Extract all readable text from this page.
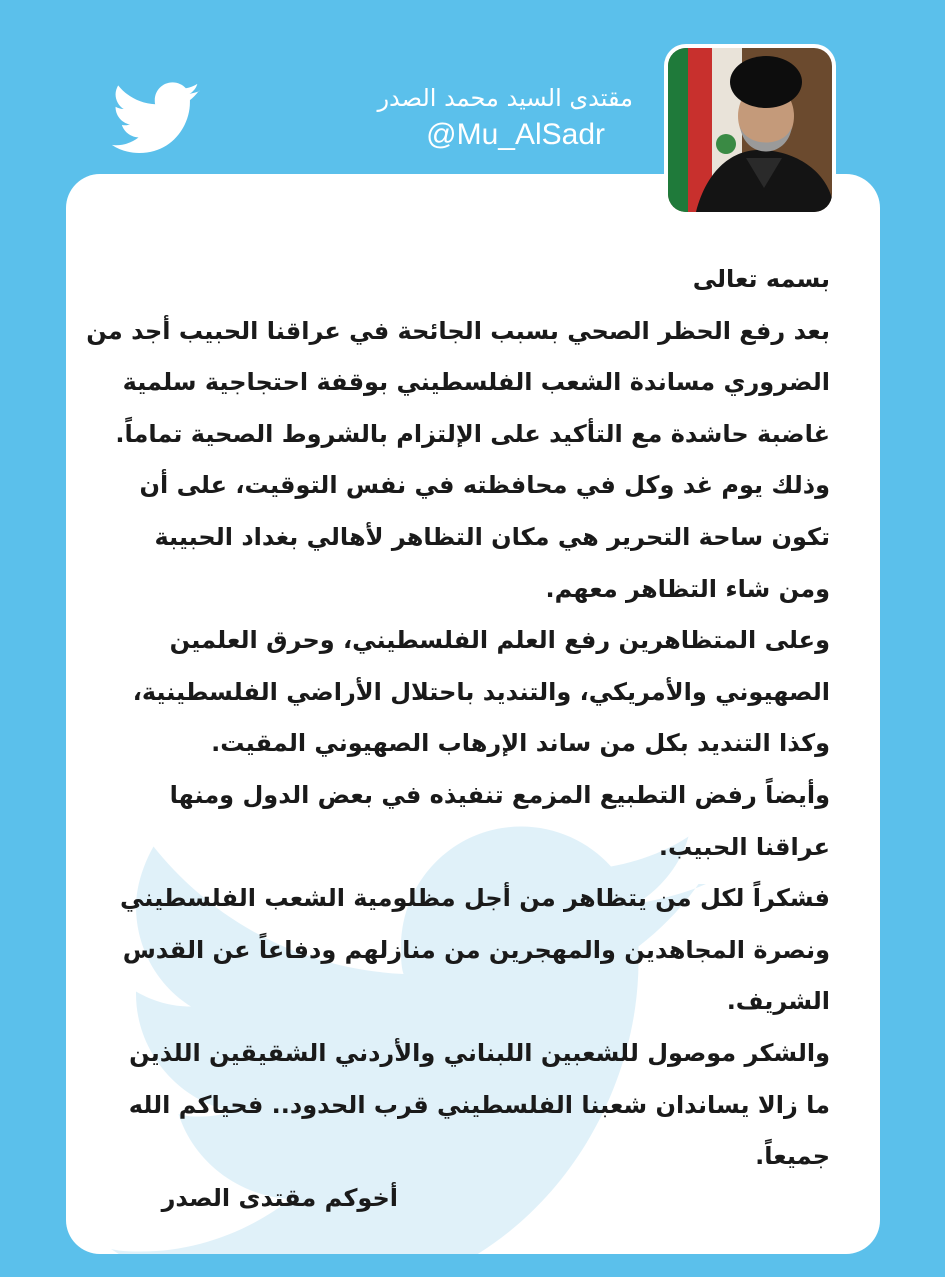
مقتدى السيد محمد الصدر
@Mu_AlSadr
بسمه تعالى
بعد رفع الحظر الصحي بسبب الجائحة في عراقنا الحبيب أجد من
الضروري مساندة الشعب الفلسطيني بوقفة احتجاجية سلمية
غاضبة حاشدة مع التأكيد على الإلتزام بالشروط الصحية تماماً.
وذلك يوم غد وكل في محافظته في نفس التوقيت، على أن
تكون ساحة التحرير هي مكان التظاهر لأهالي بغداد الحبيبة
ومن شاء التظاهر معهم.
وعلى المتظاهرين رفع العلم الفلسطيني، وحرق العلمين
الصهيوني والأمريكي، والتنديد باحتلال الأراضي الفلسطينية،
وكذا التنديد بكل من ساند الإرهاب الصهيوني المقيت.
وأيضاً رفض التطبيع المزمع تنفيذه في بعض الدول ومنها
عراقنا الحبيب.
فشكراً لكل من يتظاهر من أجل مظلومية الشعب الفلسطيني
ونصرة المجاهدين والمهجرين من منازلهم ودفاعاً عن القدس
الشريف.
والشكر موصول للشعبين اللبناني والأردني الشقيقين اللذين
ما زالا يساندان شعبنا الفلسطيني قرب الحدود.. فحياكم الله
جميعاً.
أخوكم مقتدى الصدر
